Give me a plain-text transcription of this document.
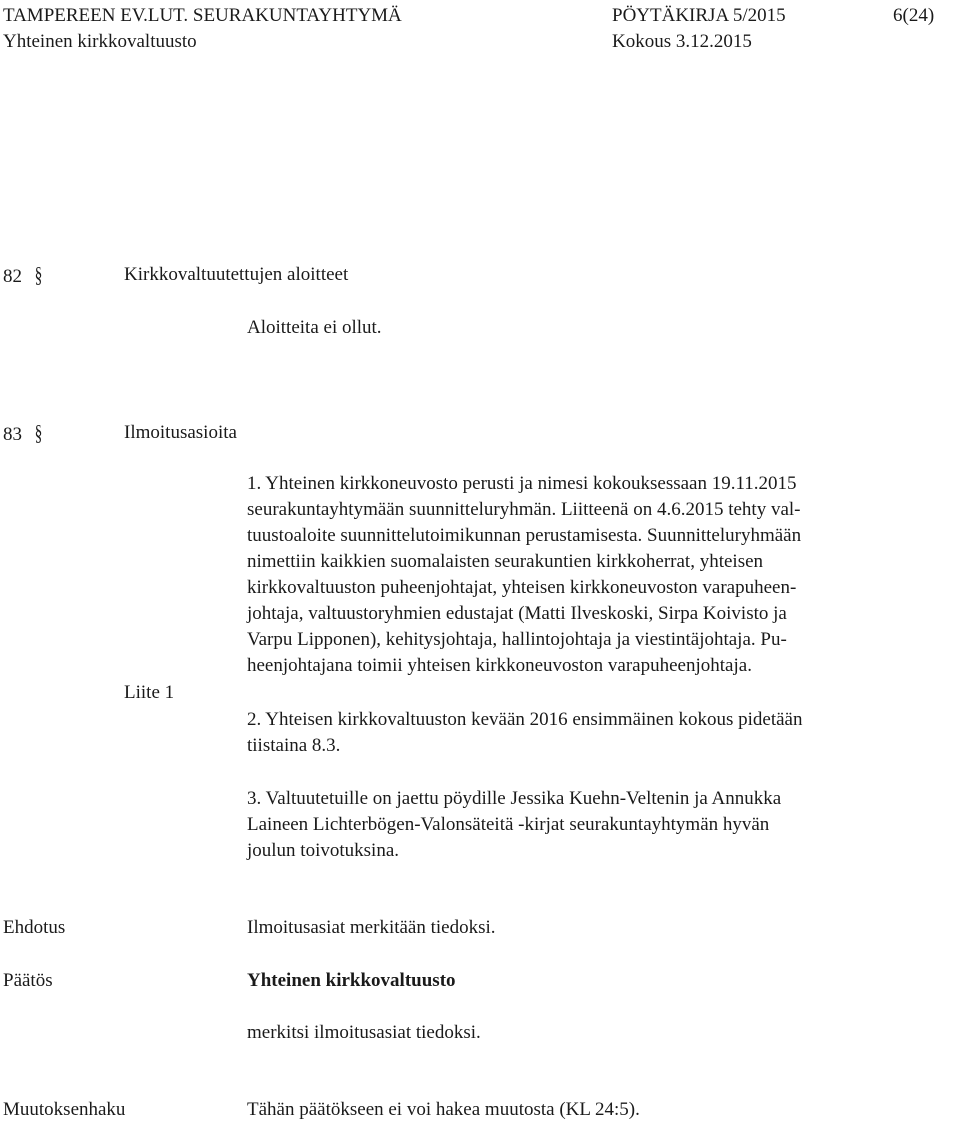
TAMPEREEN EV.LUT. SEURAKUNTAYHTYMÄ	PÖYTÄKIRJA 5/2015	6(24)
Yhteinen kirkkovaltuusto	Kokous 3.12.2015
82 §	Kirkkovaltuutettujen aloitteet
Aloitteita ei ollut.
83 §	Ilmoitusasioita
Liite 1

1. Yhteinen kirkkoneuvosto perusti ja nimesi kokouksessaan 19.11.2015

seurakuntayhtymään suunnitteluryhmän. Liitteenä on 4.6.2015 tehty val-

tuustoaloite suunnittelutoimikunnan perustamisesta. Suunnitteluryhmään

nimettiin kaikkien suomalaisten seurakuntien kirkkoherrat, yhteisen

kirkkovaltuuston puheenjohtajat, yhteisen kirkkoneuvoston varapuheen-

johtaja, valtuustoryhmien edustajat (Matti Ilveskoski, Sirpa Koivisto ja

Varpu Lipponen), kehitysjohtaja, hallintojohtaja ja viestintäjohtaja. Pu-

heenjohtajana toimii yhteisen kirkkoneuvoston varapuheenjohtaja.

2. Yhteisen kirkkovaltuuston kevään 2016 ensimmäinen kokous pidetään

tiistaina 8.3.

3. Valtuutetuille on jaettu pöydille Jessika Kuehn-Veltenin ja Annukka

Laineen Lichterbögen-Valonsäteitä -kirjat seurakuntayhtymän hyvän

joulun toivotuksina.

Ehdotus	Ilmoitusasiat merkitään tiedoksi.
Päätös	Yhteinen kirkkovaltuusto
merkitsi ilmoitusasiat tiedoksi.
Muutoksenhaku	Tähän päätökseen ei voi hakea muutosta (KL 24:5).
